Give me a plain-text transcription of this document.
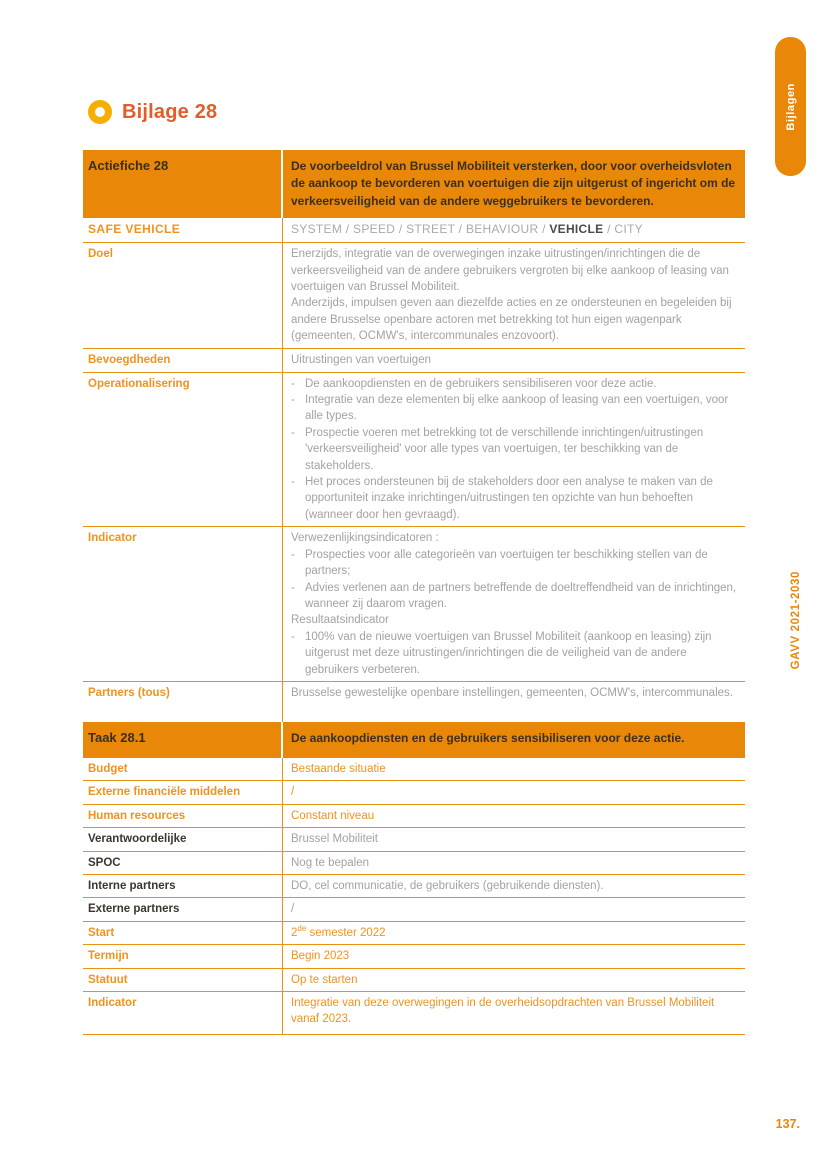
Bijlagen
GAVV 2021-2030
137.
Bijlage 28
Actiefiche 28	De voorbeeldrol van Brussel Mobiliteit versterken, door voor overheidsvloten de aankoop te bevorderen van voertuigen die zijn uitgerust of ingericht om de verkeersveiligheid van de andere weggebruikers te bevorderen.
SAFE VEHICLE	SYSTEM / SPEED / STREET / BEHAVIOUR / VEHICLE / CITY
Doel	Enerzijds, integratie van de overwegingen inzake uitrustingen/inrichtingen die de verkeersveiligheid van de andere gebruikers vergroten bij elke aankoop of leasing van voertuigen van Brussel Mobiliteit.

Anderzijds, impulsen geven aan diezelfde acties en ze ondersteunen en begeleiden bij andere Brusselse openbare actoren met betrekking tot hun eigen wagenpark (gemeenten, OCMW's, intercommunales enzovoort).

Bevoegdheden	Uitrustingen van voertuigen
Operationalisering	- De aankoopdiensten en de gebruikers sensibiliseren voor deze actie.
- Integratie van deze elementen bij elke aankoop of leasing van een voertuigen, voor alle types.
- Prospectie voeren met betrekking tot de verschillende inrichtingen/uitrustingen 'verkeersveiligheid' voor alle types van voertuigen, ter beschikking van de stakeholders.
- Het proces ondersteunen bij de stakeholders door een analyse te maken van de opportuniteit inzake inrichtingen/uitrustingen ten opzichte van hun behoeften (wanneer door hen gevraagd).
Indicator	Verwezenlijkingsindicatoren :

- Prospecties voor alle categorieën van voertuigen ter beschikking stellen van de partners;
- Advies verlenen aan de partners betreffende de doeltreffendheid van de inrichtingen, wanneer zij daarom vragen.

Resultaatsindicator

- 100% van de nieuwe voertuigen van Brussel Mobiliteit (aankoop en leasing) zijn uitgerust met deze uitrustingen/inrichtingen die de veiligheid van de andere gebruikers verbeteren.
Partners (tous)	Brusselse gewestelijke openbare instellingen, gemeenten, OCMW's, intercommunales.
Taak 28.1	De aankoopdiensten en de gebruikers sensibiliseren voor deze actie.
Budget	Bestaande situatie
Externe financiële middelen	/
Human resources	Constant niveau
Verantwoordelijke	Brussel Mobiliteit
SPOC	Nog te bepalen
Interne partners	DO, cel communicatie, de gebruikers (gebruikende diensten).
Externe partners	/
Start	2de semester 2022
Termijn	Begin 2023
Statuut	Op te starten
Indicator	Integratie van deze overwegingen in de overheidsopdrachten van Brussel Mobiliteit vanaf 2023.
